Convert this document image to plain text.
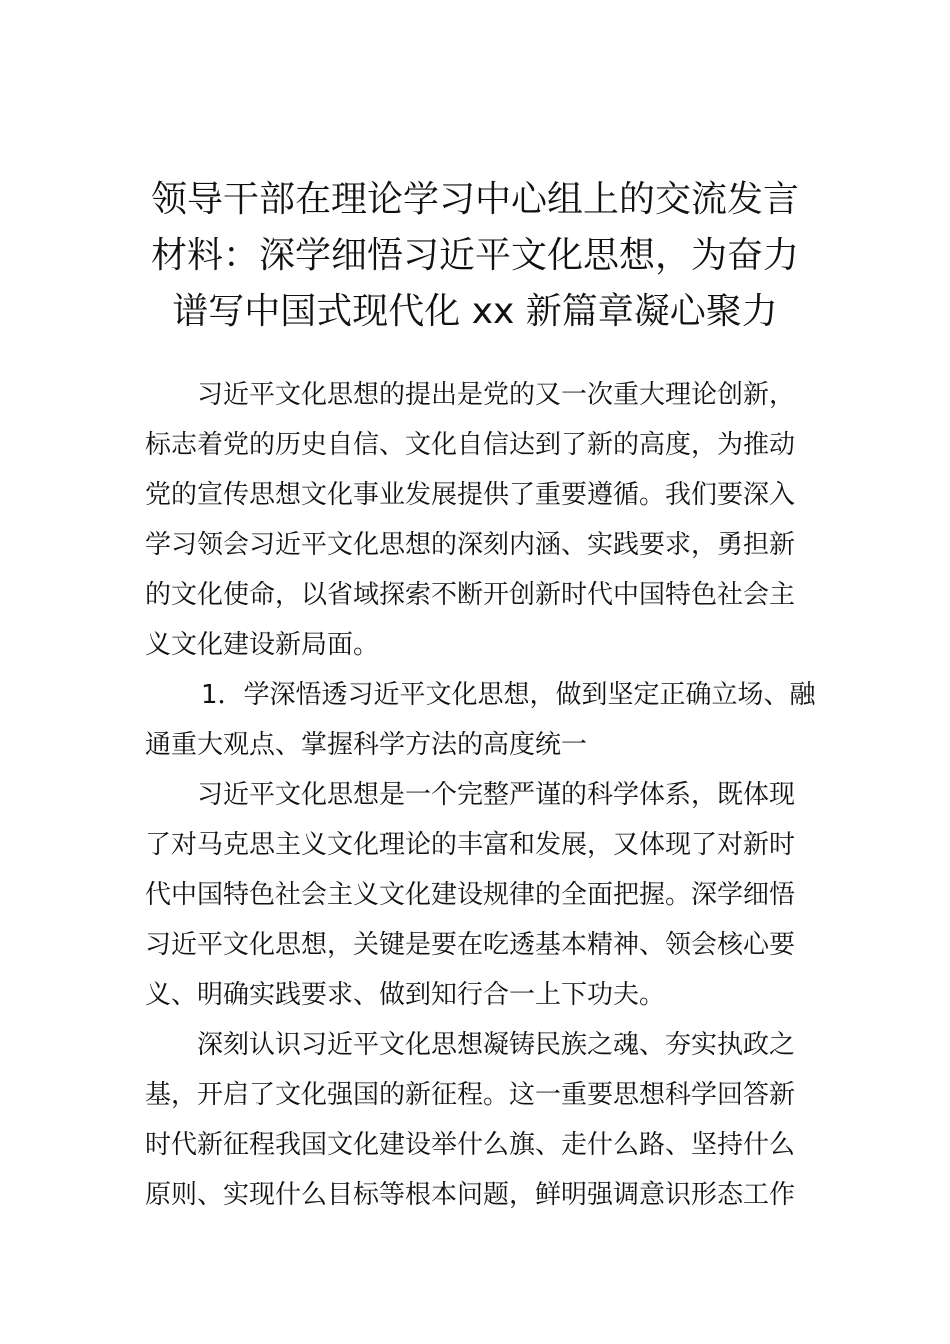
领导干部在理论学习中心组上的交流发言
材料：深学细悟习近平文化思想，为奋力
谱写中国式现代化 xx 新篇章凝心聚力

习近平文化思想的提出是党的又一次重大理论创新，
标志着党的历史自信、文化自信达到了新的高度，为推动
党的宣传思想文化事业发展提供了重要遵循。我们要深入
学习领会习近平文化思想的深刻内涵、实践要求，勇担新
的文化使命，以省域探索不断开创新时代中国特色社会主
义文化建设新局面。

1．学深悟透习近平文化思想，做到坚定正确立场、融
通重大观点、掌握科学方法的高度统一

习近平文化思想是一个完整严谨的科学体系，既体现
了对马克思主义文化理论的丰富和发展，又体现了对新时
代中国特色社会主义文化建设规律的全面把握。深学细悟
习近平文化思想，关键是要在吃透基本精神、领会核心要
义、明确实践要求、做到知行合一上下功夫。

深刻认识习近平文化思想凝铸民族之魂、夯实执政之
基，开启了文化强国的新征程。这一重要思想科学回答新
时代新征程我国文化建设举什么旗、走什么路、坚持什么
原则、实现什么目标等根本问题，鲜明强调意识形态工作
